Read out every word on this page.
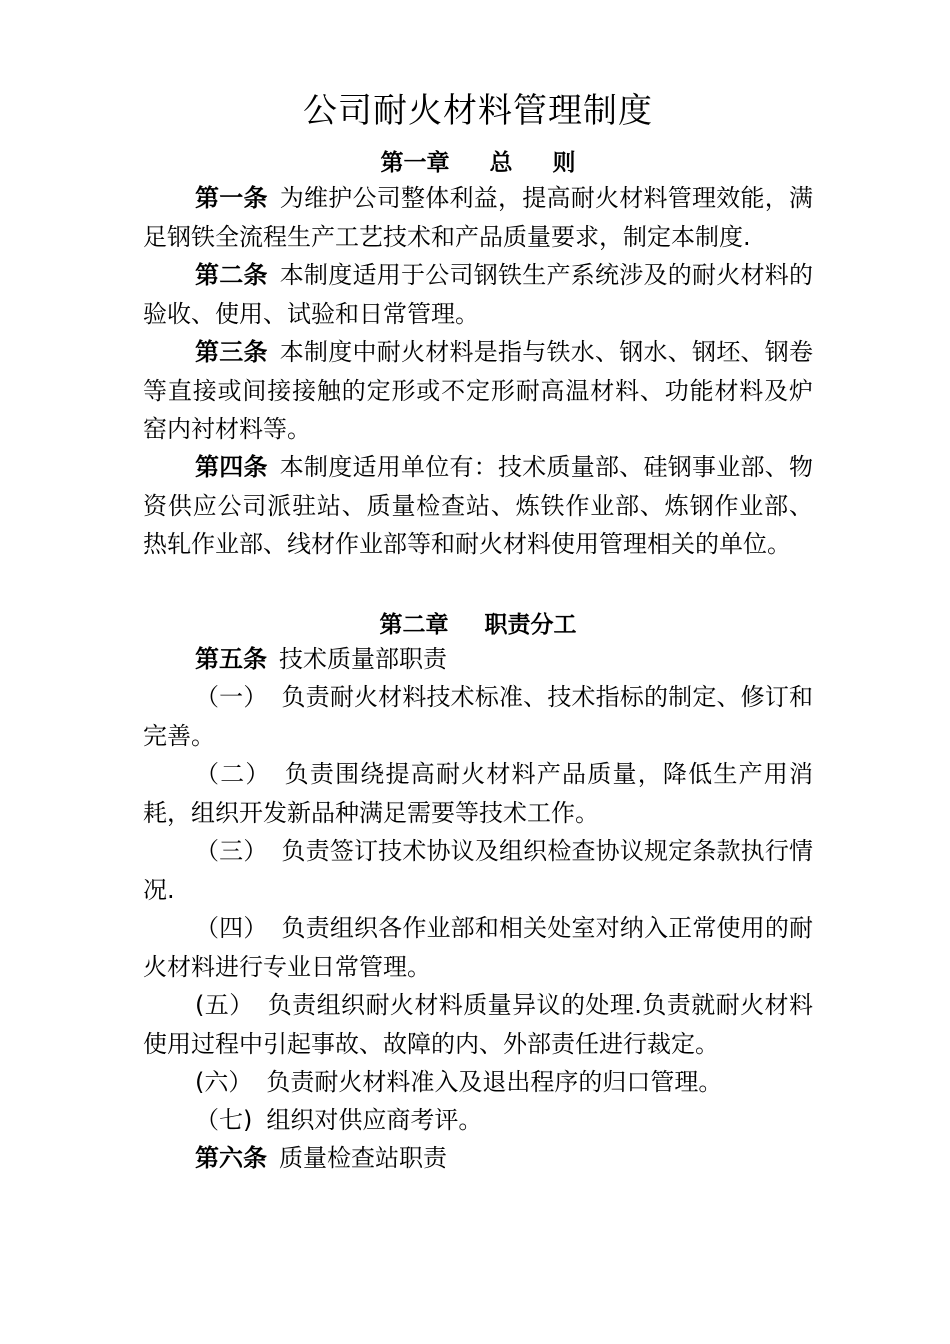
公司耐火材料管理制度
第一章 总 则
第一条 为维护公司整体利益，提高耐火材料管理效能，满足钢铁全流程生产工艺技术和产品质量要求，制定本制度.
第二条 本制度适用于公司钢铁生产系统涉及的耐火材料的验收、使用、试验和日常管理。
第三条 本制度中耐火材料是指与铁水、钢水、钢坯、钢卷等直接或间接接触的定形或不定形耐高温材料、功能材料及炉窑内衬材料等。
第四条 本制度适用单位有：技术质量部、硅钢事业部、物资供应公司派驻站、质量检查站、炼铁作业部、炼钢作业部、热轧作业部、线材作业部等和耐火材料使用管理相关的单位。
第二章 职责分工
第五条 技术质量部职责
（一） 负责耐火材料技术标准、技术指标的制定、修订和完善。
（二） 负责围绕提高耐火材料产品质量，降低生产用消耗，组织开发新品种满足需要等技术工作。
（三） 负责签订技术协议及组织检查协议规定条款执行情况.
（四） 负责组织各作业部和相关处室对纳入正常使用的耐火材料进行专业日常管理。
(五） 负责组织耐火材料质量异议的处理.负责就耐火材料使用过程中引起事故、故障的内、外部责任进行裁定。
(六） 负责耐火材料准入及退出程序的归口管理。
（七) 组织对供应商考评。
第六条 质量检查站职责
